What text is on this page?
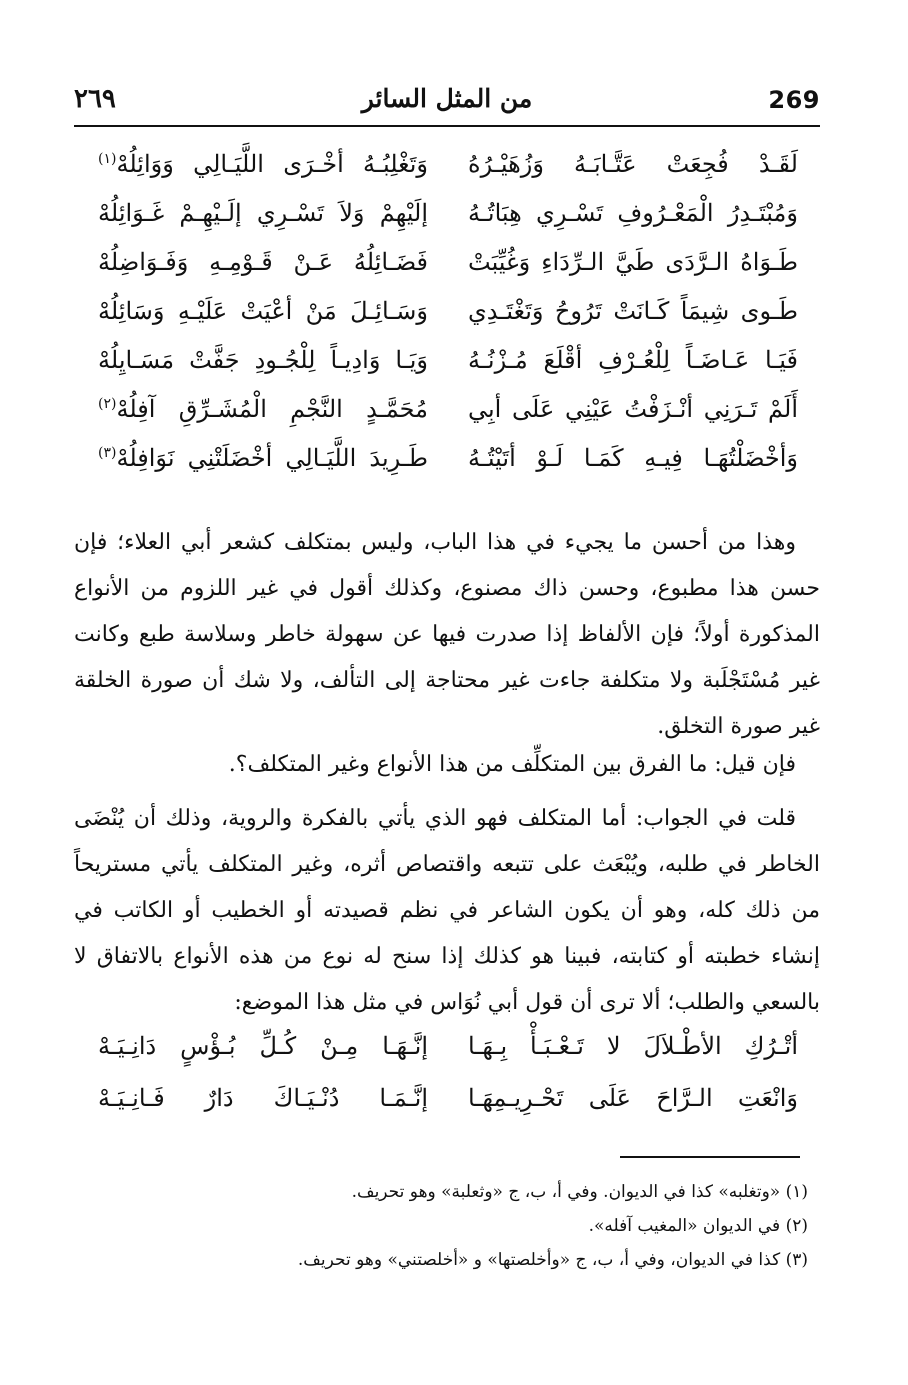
269
من المثل السائر
٢٦٩
لَقَـدْ فُجِعَتْ عَتَّـابَـهُ وَزُهَيْـرُهُ
وَتَغْلِبُـهُ أخْـرَى اللَّيَـالِي وَوَائِلُهْ$^{(١)}$
وَمُبْتَـدِرُ الْمَعْـرُوفِ تَسْـرِي هِبَاتُـهُ
إلَيْهِمْ وَلاَ تَسْـرِي إلَـيْهِـمْ غَـوَائِلُهْ
طَـوَاهُ الـرَّدَى طَيَّ الـرِّدَاءِ وَغُيِّبَتْ
فَضَـائِلُهُ عَـنْ قَـوْمِـهِ وَفَـوَاضِلُهْ
طَـوى شِيمَاً كَـانَتْ تَرُوحُ وَتَغْتَـدِي
وَسَـائِـلَ مَنْ أعْيَتْ عَلَيْـهِ وَسَائِلُهْ
فَيَـا عَـاضَـاً لِلْعُـرْفِ أقْلَعَ مُـزْنُـهُ
وَيَـا وَادِيـاً لِلْجُـودِ جَفَّتْ مَسَـايِلُهْ
أَلَمْ تَـرَنِي أنْـزَفْتُ عَيْنِي عَلَى أبِي
مُحَمَّـدٍ النَّجْمِ الْمُشَـرِّقِ آفِلُهْ$^{(٢)}$
وَأخْضَلْتُهَـا فِيـهِ كَمَـا لَـوْ أتَيْتُـهُ
طَـرِيدَ اللَّيَـالِي أخْضَلَتْنِي نَوَافِلُهْ$^{(٣)}$

وهذا من أحسن ما يجيء في هذا الباب، وليس بمتكلف كشعر أبي العلاء؛ فإن حسن هذا مطبوع، وحسن ذاك مصنوع، وكذلك أقول في غير اللزوم من الأنواع المذكورة أولاً؛ فإن الألفاظ إذا صدرت فيها عن سهولة خاطر وسلاسة طبع وكانت غير مُسْتَجْلَبة ولا متكلفة جاءت غير محتاجة إلى التألف، ولا شك أن صورة الخلقة غير صورة التخلق.

فإن قيل: ما الفرق بين المتكلِّف من هذا الأنواع وغير المتكلف؟.

قلت في الجواب: أما المتكلف فهو الذي يأتي بالفكرة والروية، وذلك أن يُنْضَى الخاطر في طلبه، ويُبْعَث على تتبعه واقتصاص أثره، وغير المتكلف يأتي مستريحاً من ذلك كله، وهو أن يكون الشاعر في نظم قصيدته أو الخطيب أو الكاتب في إنشاء خطبته أو كتابته، فبينا هو كذلك إذا سنح له نوع من هذه الأنواع بالاتفاق لا بالسعي والطلب؛ ألا ترى أن قول أبي نُوَاس في مثل هذا الموضع:

أتْـرُكِ الأطْـلاَلَ لا تَـعْـبَـأْ بِـهَـا
إنَّـهَـا مِـنْ كُـلِّ بُـؤْسٍ دَانِـيَـهْ
وَانْعَتِ الـرَّاحَ عَلَى تَحْـرِيـمِهَـا
إنَّـمَـا دُنْـيَـاكَ دَارٌ فَـانِـيَـهْ

(١) «وتغلبه» كذا في الديوان. وفي أ، ب، ج «وثعلبة» وهو تحريف.

(٢) في الديوان «المغيب آفله».

(٣) كذا في الديوان، وفي أ، ب، ج «وأخلصتها» و «أخلصتني» وهو تحريف.
